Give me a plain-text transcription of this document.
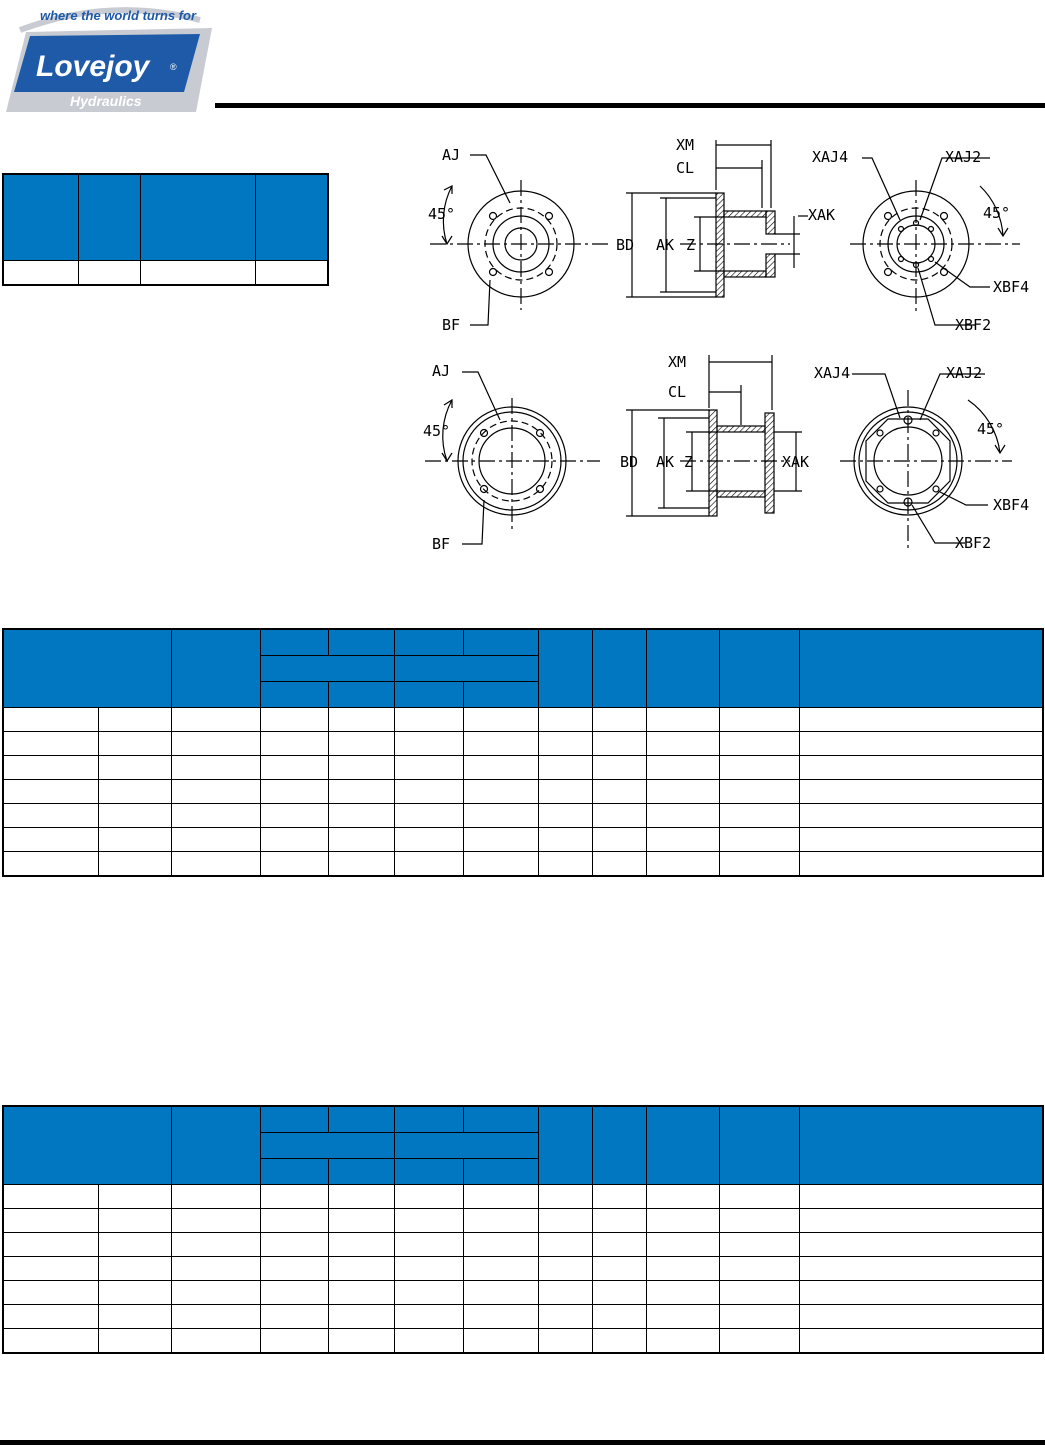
where the world turns for
Lovejoy ®
Hydraulics

AJ
45°
BF
XM
CL
BD AK Z
XAK
XAJ4	XAJ2
45°
XBF4
XBF2
AJ
45°
BF
XM
CL
BD AK Z	XAK
XAJ4	XAJ2
45°
XBF4
XBF2
